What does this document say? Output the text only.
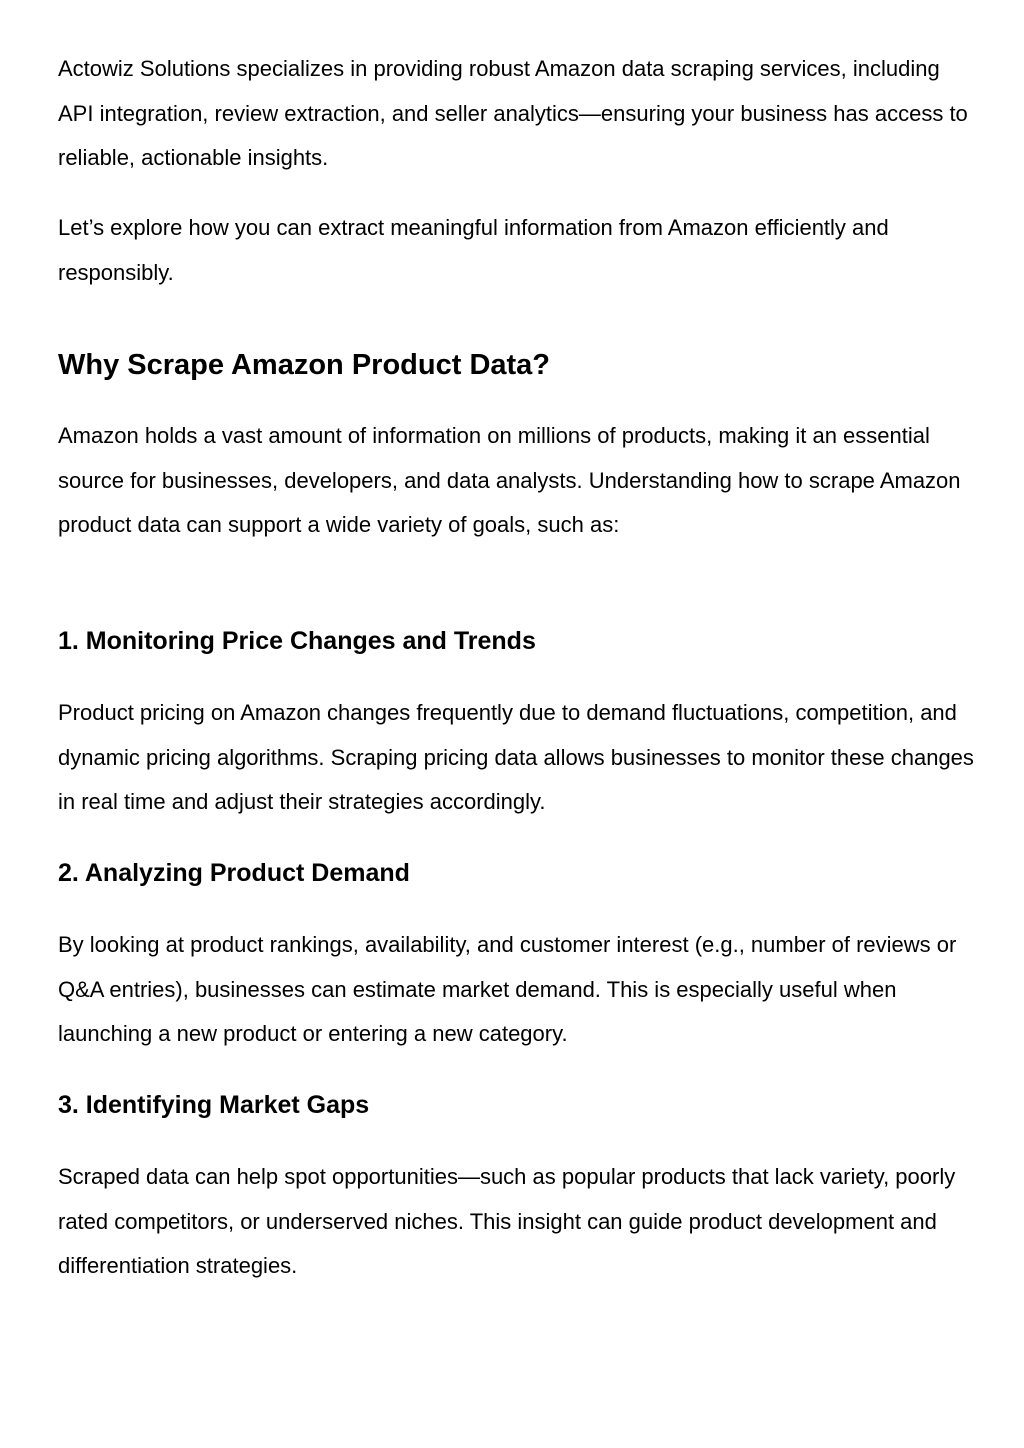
Actowiz Solutions specializes in providing robust Amazon data scraping services, including API integration, review extraction, and seller analytics—ensuring your business has access to reliable, actionable insights.

Let’s explore how you can extract meaningful information from Amazon efficiently and responsibly.

Why Scrape Amazon Product Data?

Amazon holds a vast amount of information on millions of products, making it an essential source for businesses, developers, and data analysts. Understanding how to scrape Amazon product data can support a wide variety of goals, such as:

1. Monitoring Price Changes and Trends

Product pricing on Amazon changes frequently due to demand fluctuations, competition, and dynamic pricing algorithms. Scraping pricing data allows businesses to monitor these changes in real time and adjust their strategies accordingly.

2. Analyzing Product Demand

By looking at product rankings, availability, and customer interest (e.g., number of reviews or Q&A entries), businesses can estimate market demand. This is especially useful when launching a new product or entering a new category.

3. Identifying Market Gaps

Scraped data can help spot opportunities—such as popular products that lack variety, poorly rated competitors, or underserved niches. This insight can guide product development and differentiation strategies.
